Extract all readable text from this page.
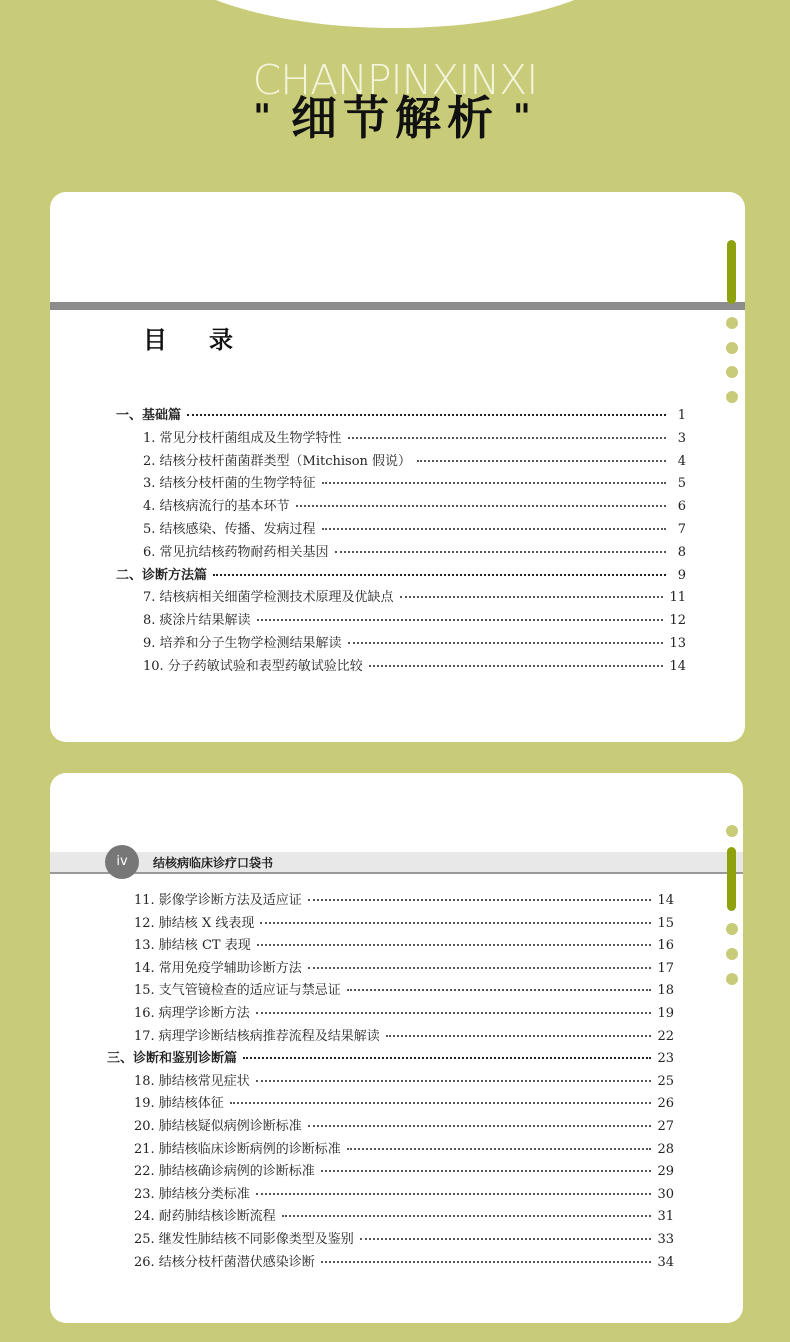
CHANPINXINXI
" 细节解析 "
目录
一、基础篇	1
1. 常见分枝杆菌组成及生物学特性	3
2. 结核分枝杆菌菌群类型（Mitchison 假说）	4
3. 结核分枝杆菌的生物学特征	5
4. 结核病流行的基本环节	6
5. 结核感染、传播、发病过程	7
6. 常见抗结核药物耐药相关基因	8
二、诊断方法篇	9
7. 结核病相关细菌学检测技术原理及优缺点	11
8. 痰涂片结果解读	12
9. 培养和分子生物学检测结果解读	13
10. 分子药敏试验和表型药敏试验比较	14
iv	结核病临床诊疗口袋书
11. 影像学诊断方法及适应证	14
12. 肺结核 X 线表现	15
13. 肺结核 CT 表现	16
14. 常用免疫学辅助诊断方法	17
15. 支气管镜检查的适应证与禁忌证	18
16. 病理学诊断方法	19
17. 病理学诊断结核病推荐流程及结果解读	22
三、诊断和鉴别诊断篇	23
18. 肺结核常见症状	25
19. 肺结核体征	26
20. 肺结核疑似病例诊断标准	27
21. 肺结核临床诊断病例的诊断标准	28
22. 肺结核确诊病例的诊断标准	29
23. 肺结核分类标准	30
24. 耐药肺结核诊断流程	31
25. 继发性肺结核不同影像类型及鉴别	33
26. 结核分枝杆菌潜伏感染诊断	34
